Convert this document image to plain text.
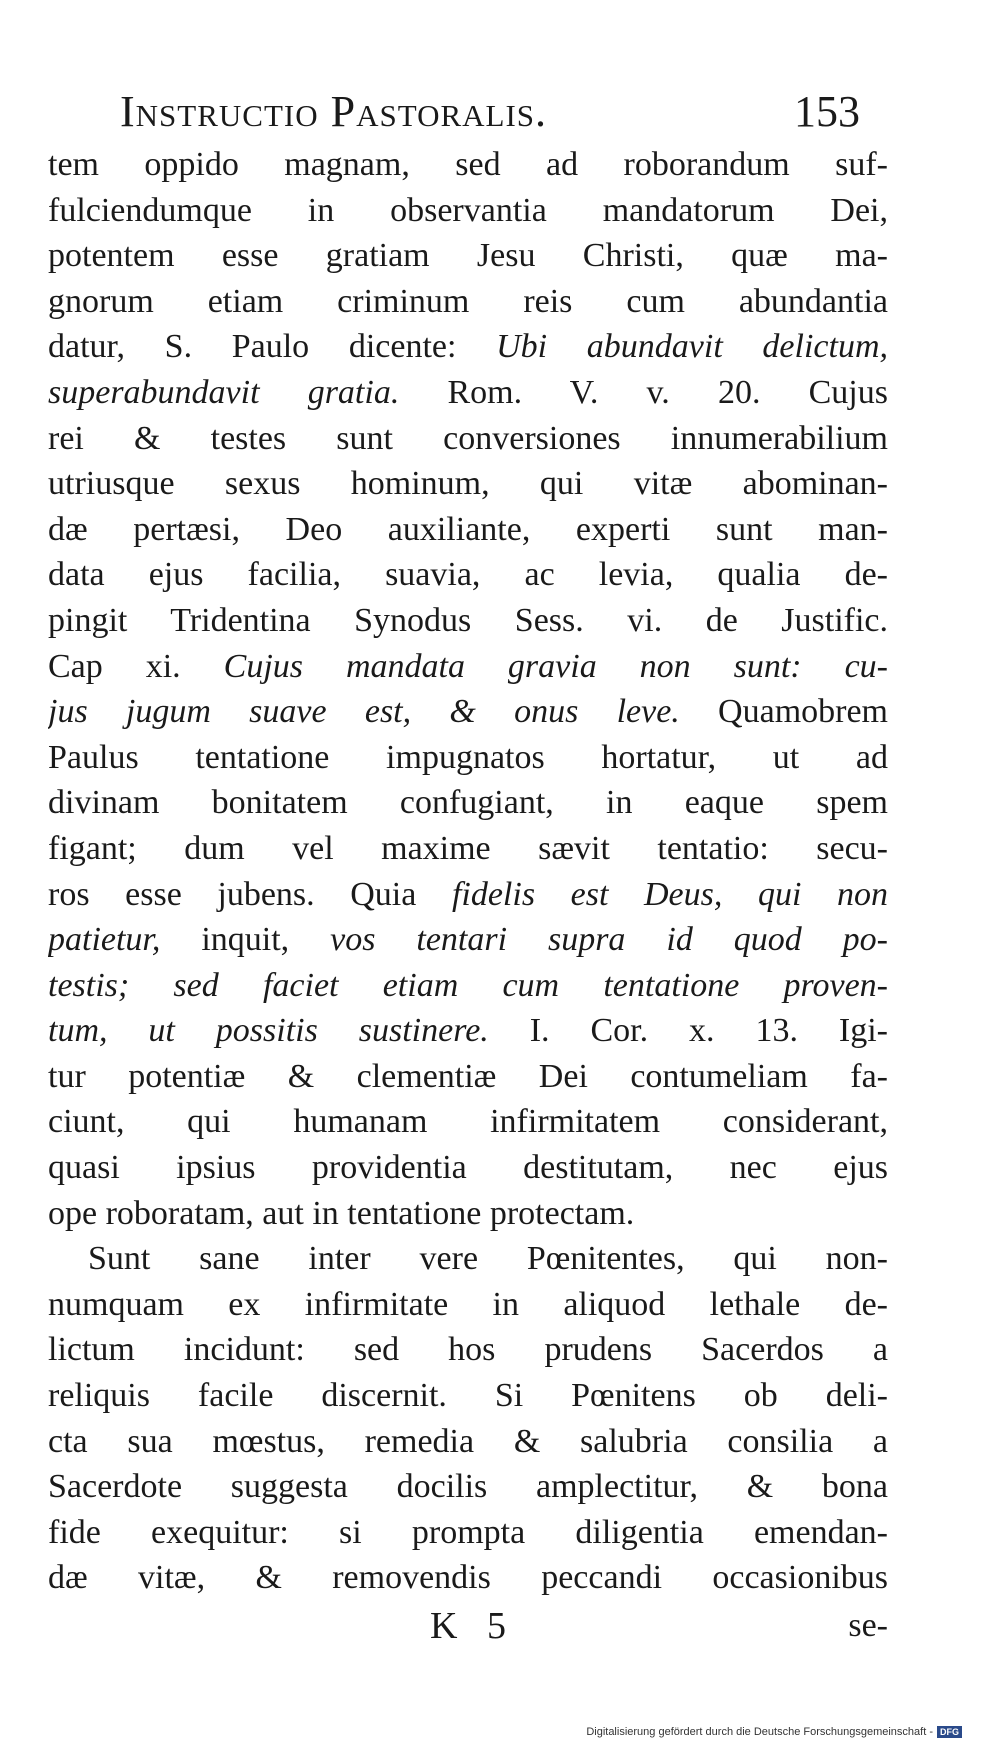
Instructio Pastoralis.	153
tem oppido magnam, sed ad roborandum suf-
fulciendumque in observantia mandatorum Dei,
potentem esse gratiam Jesu Christi, quæ ma-
gnorum etiam criminum reis cum abundantia
datur, S. Paulo dicente: Ubi abundavit delictum,
superabundavit gratia. Rom. V. v. 20. Cujus
rei & testes sunt conversiones innumerabilium
utriusque sexus hominum, qui vitæ abominan-
dæ pertæsi, Deo auxiliante, experti sunt man-
data ejus facilia, suavia, ac levia, qualia de-
pingit Tridentina Synodus Sess. vi. de Justific.
Cap xi. Cujus mandata gravia non sunt: cu-
jus jugum suave est, & onus leve. Quamobrem
Paulus tentatione impugnatos hortatur, ut ad
divinam bonitatem confugiant, in eaque spem
figant; dum vel maxime sævit tentatio: secu-
ros esse jubens. Quia fidelis est Deus, qui non
patietur, inquit, vos tentari supra id quod po-
testis; sed faciet etiam cum tentatione proven-
tum, ut possitis sustinere. I. Cor. x. 13. Igi-
tur potentiæ & clementiæ Dei contumeliam fa-
ciunt, qui humanam infirmitatem considerant,
quasi ipsius providentia destitutam, nec ejus
ope roboratam, aut in tentatione protectam.
Sunt sane inter vere Pœnitentes, qui non-
numquam ex infirmitate in aliquod lethale de-
lictum incidunt: sed hos prudens Sacerdos a
reliquis facile discernit. Si Pœnitens ob deli-
cta sua mœstus, remedia & salubria consilia a
Sacerdote suggesta docilis amplectitur, & bona
fide exequitur: si prompta diligentia emendan-
dæ vitæ, & removendis peccandi occasionibus
K 5	se-
Digitalisierung gefördert durch die Deutsche Forschungsgemeinschaft - DFG
